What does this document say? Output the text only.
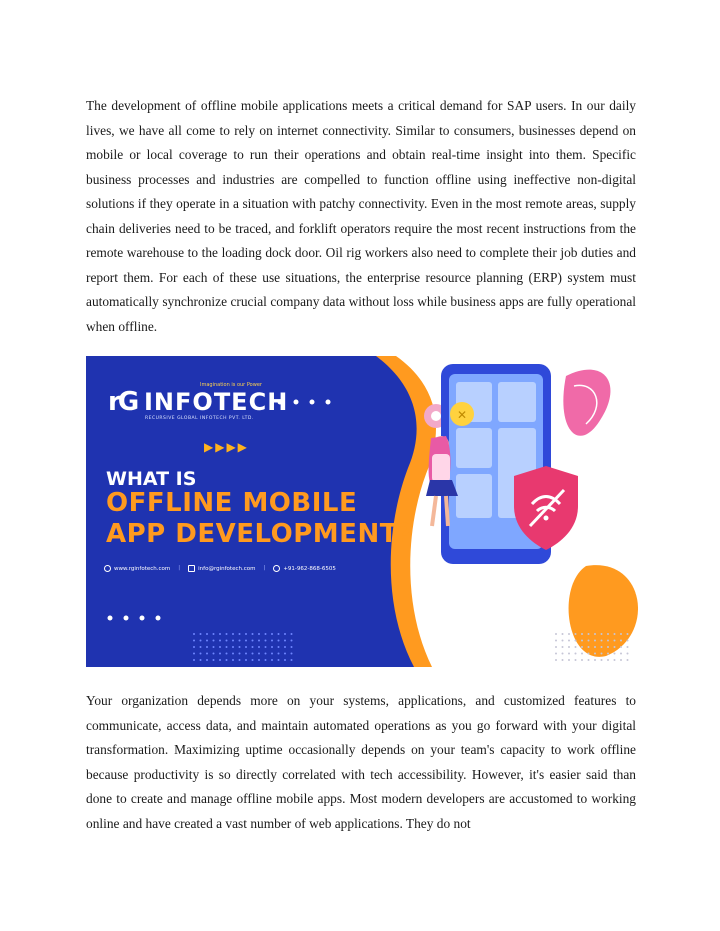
The development of offline mobile applications meets a critical demand for SAP users. In our daily lives, we have all come to rely on internet connectivity. Similar to consumers, businesses depend on mobile or local coverage to run their operations and obtain real-time insight into them. Specific business processes and industries are compelled to function offline using ineffective non-digital solutions if they operate in a situation with patchy connectivity. Even in the most remote areas, supply chain deliveries need to be traced, and forklift operators require the most recent instructions from the remote warehouse to the loading dock door. Oil rig workers also need to complete their job duties and report them. For each of these use situations, the enterprise resource planning (ERP) system must automatically synchronize crucial company data without loss while business apps are fully operational when offline.

✕
rG
Imagination is our Power
INFOTECH
RECURSIVE GLOBAL INFOTECH PVT. LTD.
▶▶▶▶
WHAT IS
OFFLINE MOBILE
APP DEVELOPMENT?
www.rginfotech.com |	info@rginfotech.com |	+91-962-868-6505

Your organization depends more on your systems, applications, and customized features to communicate, access data, and maintain automated operations as you go forward with your digital transformation. Maximizing uptime occasionally depends on your team's capacity to work offline because productivity is so directly correlated with tech accessibility. However, it's easier said than done to create and manage offline mobile apps. Most modern developers are accustomed to working online and have created a vast number of web applications. They do not
